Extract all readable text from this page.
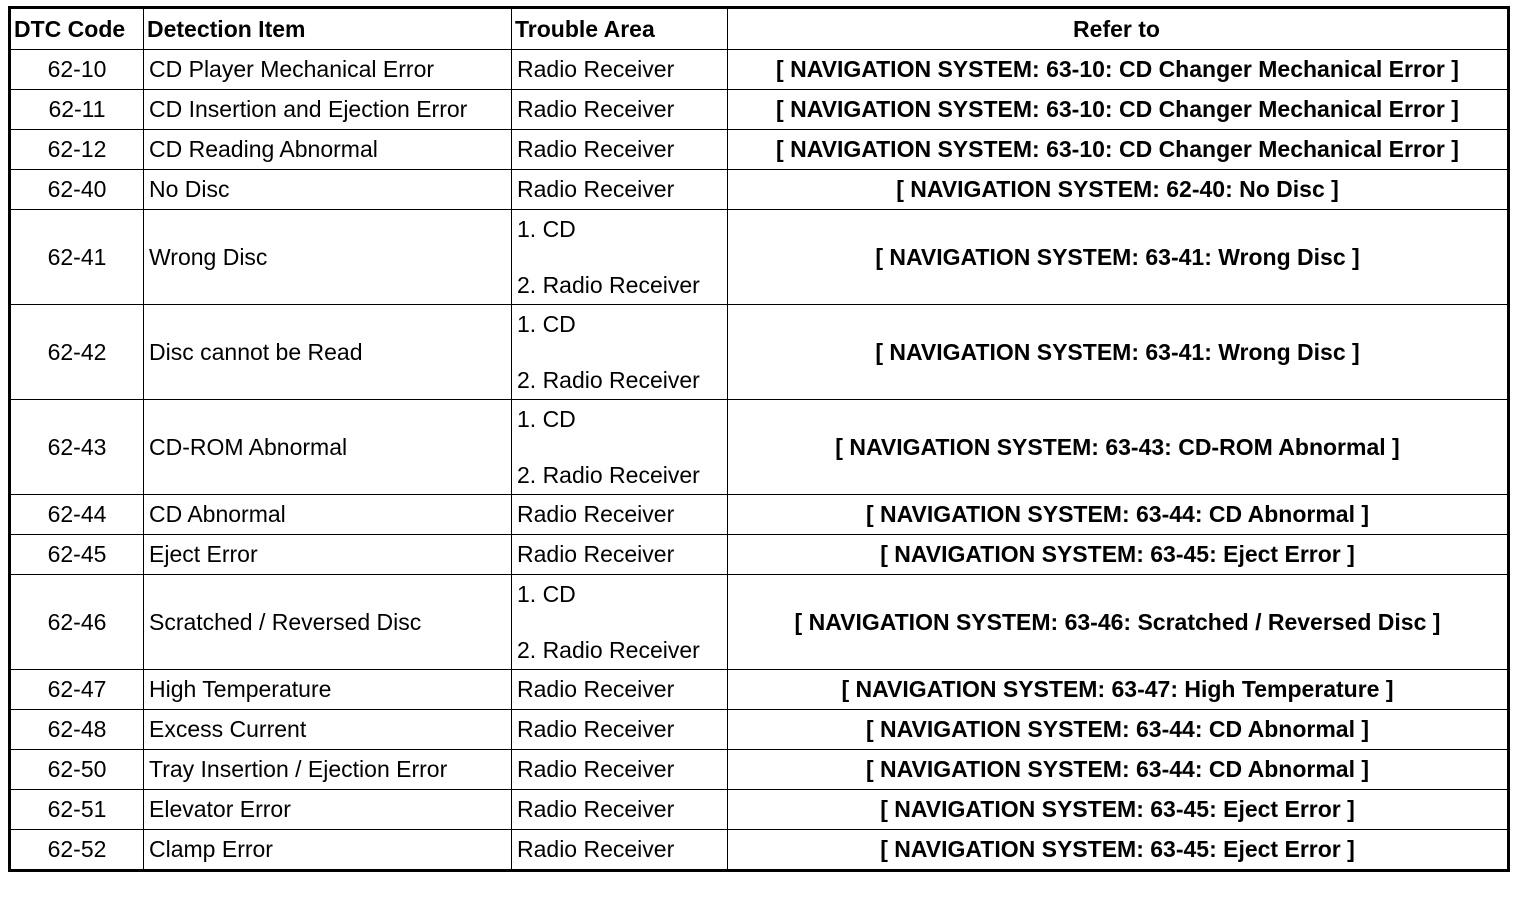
DTC Code	Detection Item	Trouble Area	Refer to
62-10	CD Player Mechanical Error	Radio Receiver	[ NAVIGATION SYSTEM: 63-10: CD Changer Mechanical Error ]
62-11	CD Insertion and Ejection Error	Radio Receiver	[ NAVIGATION SYSTEM: 63-10: CD Changer Mechanical Error ]
62-12	CD Reading Abnormal	Radio Receiver	[ NAVIGATION SYSTEM: 63-10: CD Changer Mechanical Error ]
62-40	No Disc	Radio Receiver	[ NAVIGATION SYSTEM: 62-40: No Disc ]
62-41	Wrong Disc	1. CD
2. Radio Receiver	[ NAVIGATION SYSTEM: 63-41: Wrong Disc ]
62-42	Disc cannot be Read	1. CD
2. Radio Receiver	[ NAVIGATION SYSTEM: 63-41: Wrong Disc ]
62-43	CD-ROM Abnormal	1. CD
2. Radio Receiver	[ NAVIGATION SYSTEM: 63-43: CD-ROM Abnormal ]
62-44	CD Abnormal	Radio Receiver	[ NAVIGATION SYSTEM: 63-44: CD Abnormal ]
62-45	Eject Error	Radio Receiver	[ NAVIGATION SYSTEM: 63-45: Eject Error ]
62-46	Scratched / Reversed Disc	1. CD
2. Radio Receiver	[ NAVIGATION SYSTEM: 63-46: Scratched / Reversed Disc ]
62-47	High Temperature	Radio Receiver	[ NAVIGATION SYSTEM: 63-47: High Temperature ]
62-48	Excess Current	Radio Receiver	[ NAVIGATION SYSTEM: 63-44: CD Abnormal ]
62-50	Tray Insertion / Ejection Error	Radio Receiver	[ NAVIGATION SYSTEM: 63-44: CD Abnormal ]
62-51	Elevator Error	Radio Receiver	[ NAVIGATION SYSTEM: 63-45: Eject Error ]
62-52	Clamp Error	Radio Receiver	[ NAVIGATION SYSTEM: 63-45: Eject Error ]
